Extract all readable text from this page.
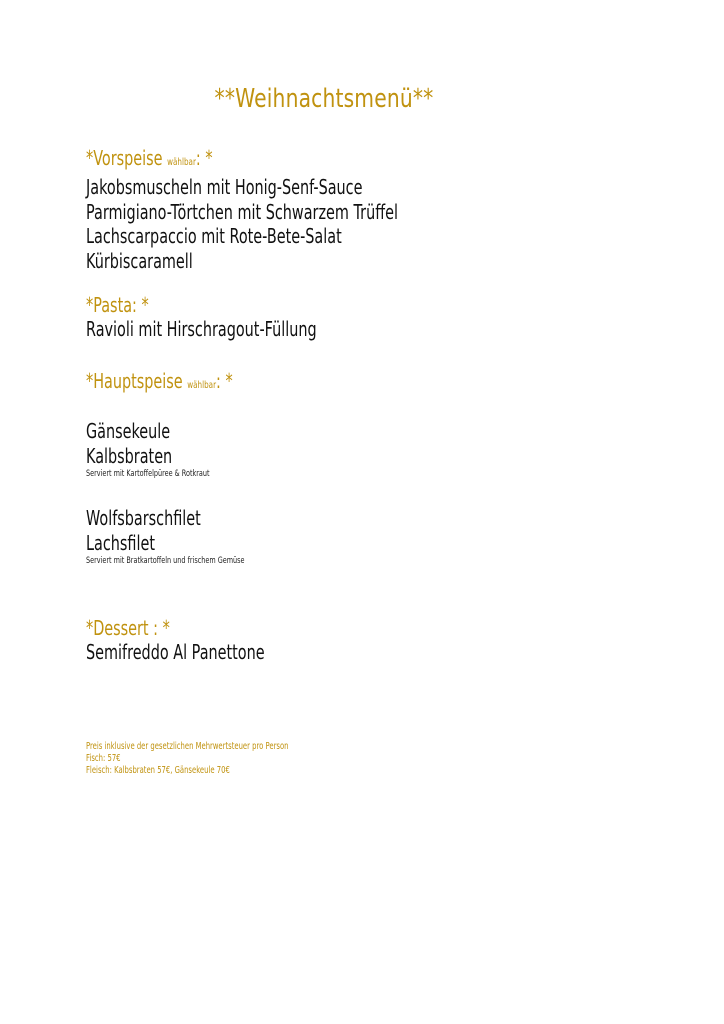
**Weihnachtsmenü**
*Vorspeise wählbar: *
Jakobsmuscheln mit Honig-Senf-Sauce
Parmigiano-Törtchen mit Schwarzem Trüffel
Lachscarpaccio mit Rote-Bete-Salat
Kürbiscaramell
*Pasta: *
Ravioli mit Hirschragout-Füllung
*Hauptspeise wählbar: *
Gänsekeule
Kalbsbraten
Serviert mit Kartoffelpüree & Rotkraut
Wolfsbarschfilet
Lachsfilet
Serviert mit Bratkartoffeln und frischem Gemüse
*Dessert : *
Semifreddo Al Panettone
Preis inklusive der gesetzlichen Mehrwertsteuer pro Person
Fisch: 57€
Fleisch: Kalbsbraten 57€, Gänsekeule 70€
